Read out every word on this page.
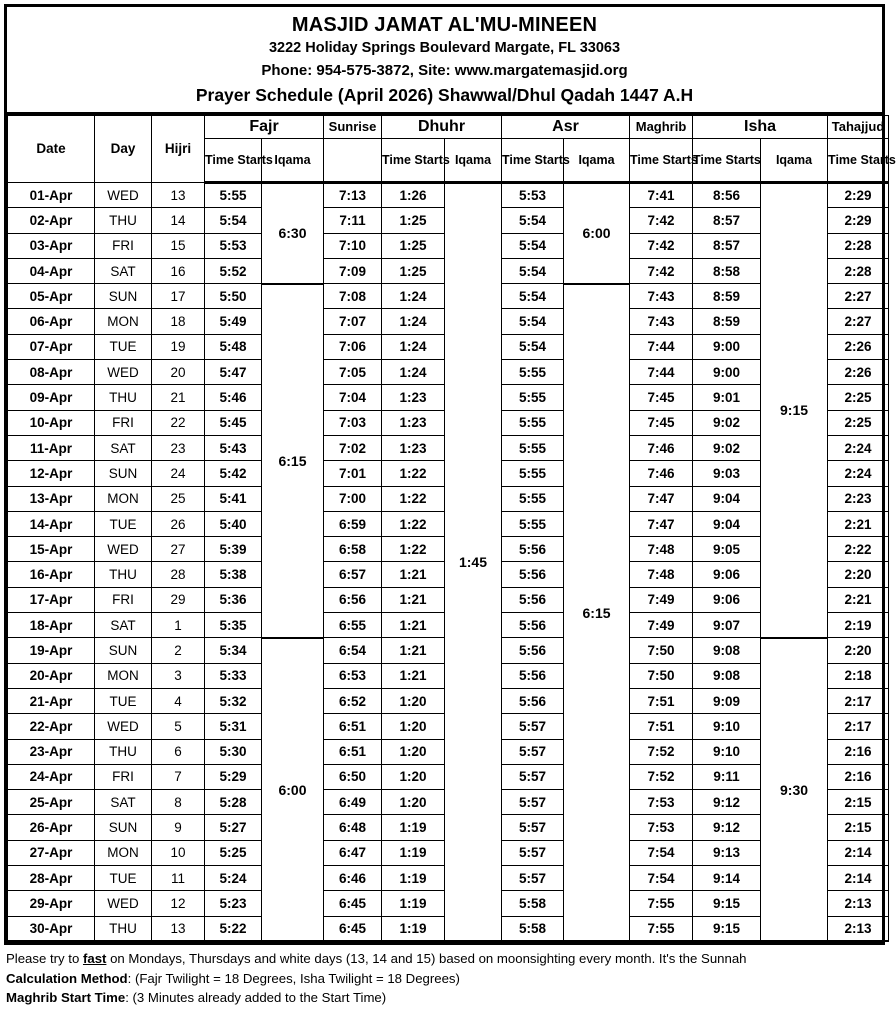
MASJID JAMAT AL'MU-MINEEN
3222 Holiday Springs Boulevard Margate, FL 33063
Phone: 954-575-3872, Site: www.margatemasjid.org
Prayer Schedule (April 2026) Shawwal/Dhul Qadah 1447 A.H
Date	Day	Hijri	Fajr		Sunrise	Dhuhr		Asr		Maghrib	Isha		Tahajjud
			Time Starts	Iqama		Time Starts	Iqama	Time Starts	Iqama	Time Starts	Time Starts	Iqama	Time Starts
01-Apr	WED	13	5:55	6:30	7:13	1:26	1:45	5:53	6:00	7:41	8:56	9:15	2:29
02-Apr	THU	14	5:54		7:11	1:25		5:54		7:42	8:57		2:29
03-Apr	FRI	15	5:53		7:10	1:25		5:54		7:42	8:57		2:28
04-Apr	SAT	16	5:52		7:09	1:25		5:54		7:42	8:58		2:28
05-Apr	SUN	17	5:50	6:15	7:08	1:24		5:54	6:15	7:43	8:59		2:27
06-Apr	MON	18	5:49		7:07	1:24		5:54		7:43	8:59		2:27
07-Apr	TUE	19	5:48		7:06	1:24		5:54		7:44	9:00		2:26
08-Apr	WED	20	5:47		7:05	1:24		5:55		7:44	9:00		2:26
09-Apr	THU	21	5:46		7:04	1:23		5:55		7:45	9:01		2:25
10-Apr	FRI	22	5:45		7:03	1:23		5:55		7:45	9:02		2:25
11-Apr	SAT	23	5:43		7:02	1:23		5:55		7:46	9:02		2:24
12-Apr	SUN	24	5:42		7:01	1:22		5:55		7:46	9:03		2:24
13-Apr	MON	25	5:41		7:00	1:22		5:55		7:47	9:04		2:23
14-Apr	TUE	26	5:40		6:59	1:22		5:55		7:47	9:04		2:21
15-Apr	WED	27	5:39		6:58	1:22		5:56		7:48	9:05		2:22
16-Apr	THU	28	5:38		6:57	1:21		5:56		7:48	9:06		2:20
17-Apr	FRI	29	5:36		6:56	1:21		5:56		7:49	9:06		2:21
18-Apr	SAT	1	5:35		6:55	1:21		5:56		7:49	9:07		2:19
19-Apr	SUN	2	5:34	6:00	6:54	1:21		5:56		7:50	9:08	9:30	2:20
20-Apr	MON	3	5:33		6:53	1:21		5:56		7:50	9:08		2:18
21-Apr	TUE	4	5:32		6:52	1:20		5:56		7:51	9:09		2:17
22-Apr	WED	5	5:31		6:51	1:20		5:57		7:51	9:10		2:17
23-Apr	THU	6	5:30		6:51	1:20		5:57		7:52	9:10		2:16
24-Apr	FRI	7	5:29		6:50	1:20		5:57		7:52	9:11		2:16
25-Apr	SAT	8	5:28		6:49	1:20		5:57		7:53	9:12		2:15
26-Apr	SUN	9	5:27		6:48	1:19		5:57		7:53	9:12		2:15
27-Apr	MON	10	5:25		6:47	1:19		5:57		7:54	9:13		2:14
28-Apr	TUE	11	5:24		6:46	1:19		5:57		7:54	9:14		2:14
29-Apr	WED	12	5:23		6:45	1:19		5:58		7:55	9:15		2:13
30-Apr	THU	13	5:22		6:45	1:19		5:58		7:55	9:15		2:13
Please try to fast on Mondays, Thursdays and white days (13, 14 and 15) based on moonsighting every month. It's the Sunnah
Calculation Method: (Fajr Twilight = 18 Degrees, Isha Twilight = 18 Degrees)
Maghrib Start Time: (3 Minutes already added to the Start Time)
